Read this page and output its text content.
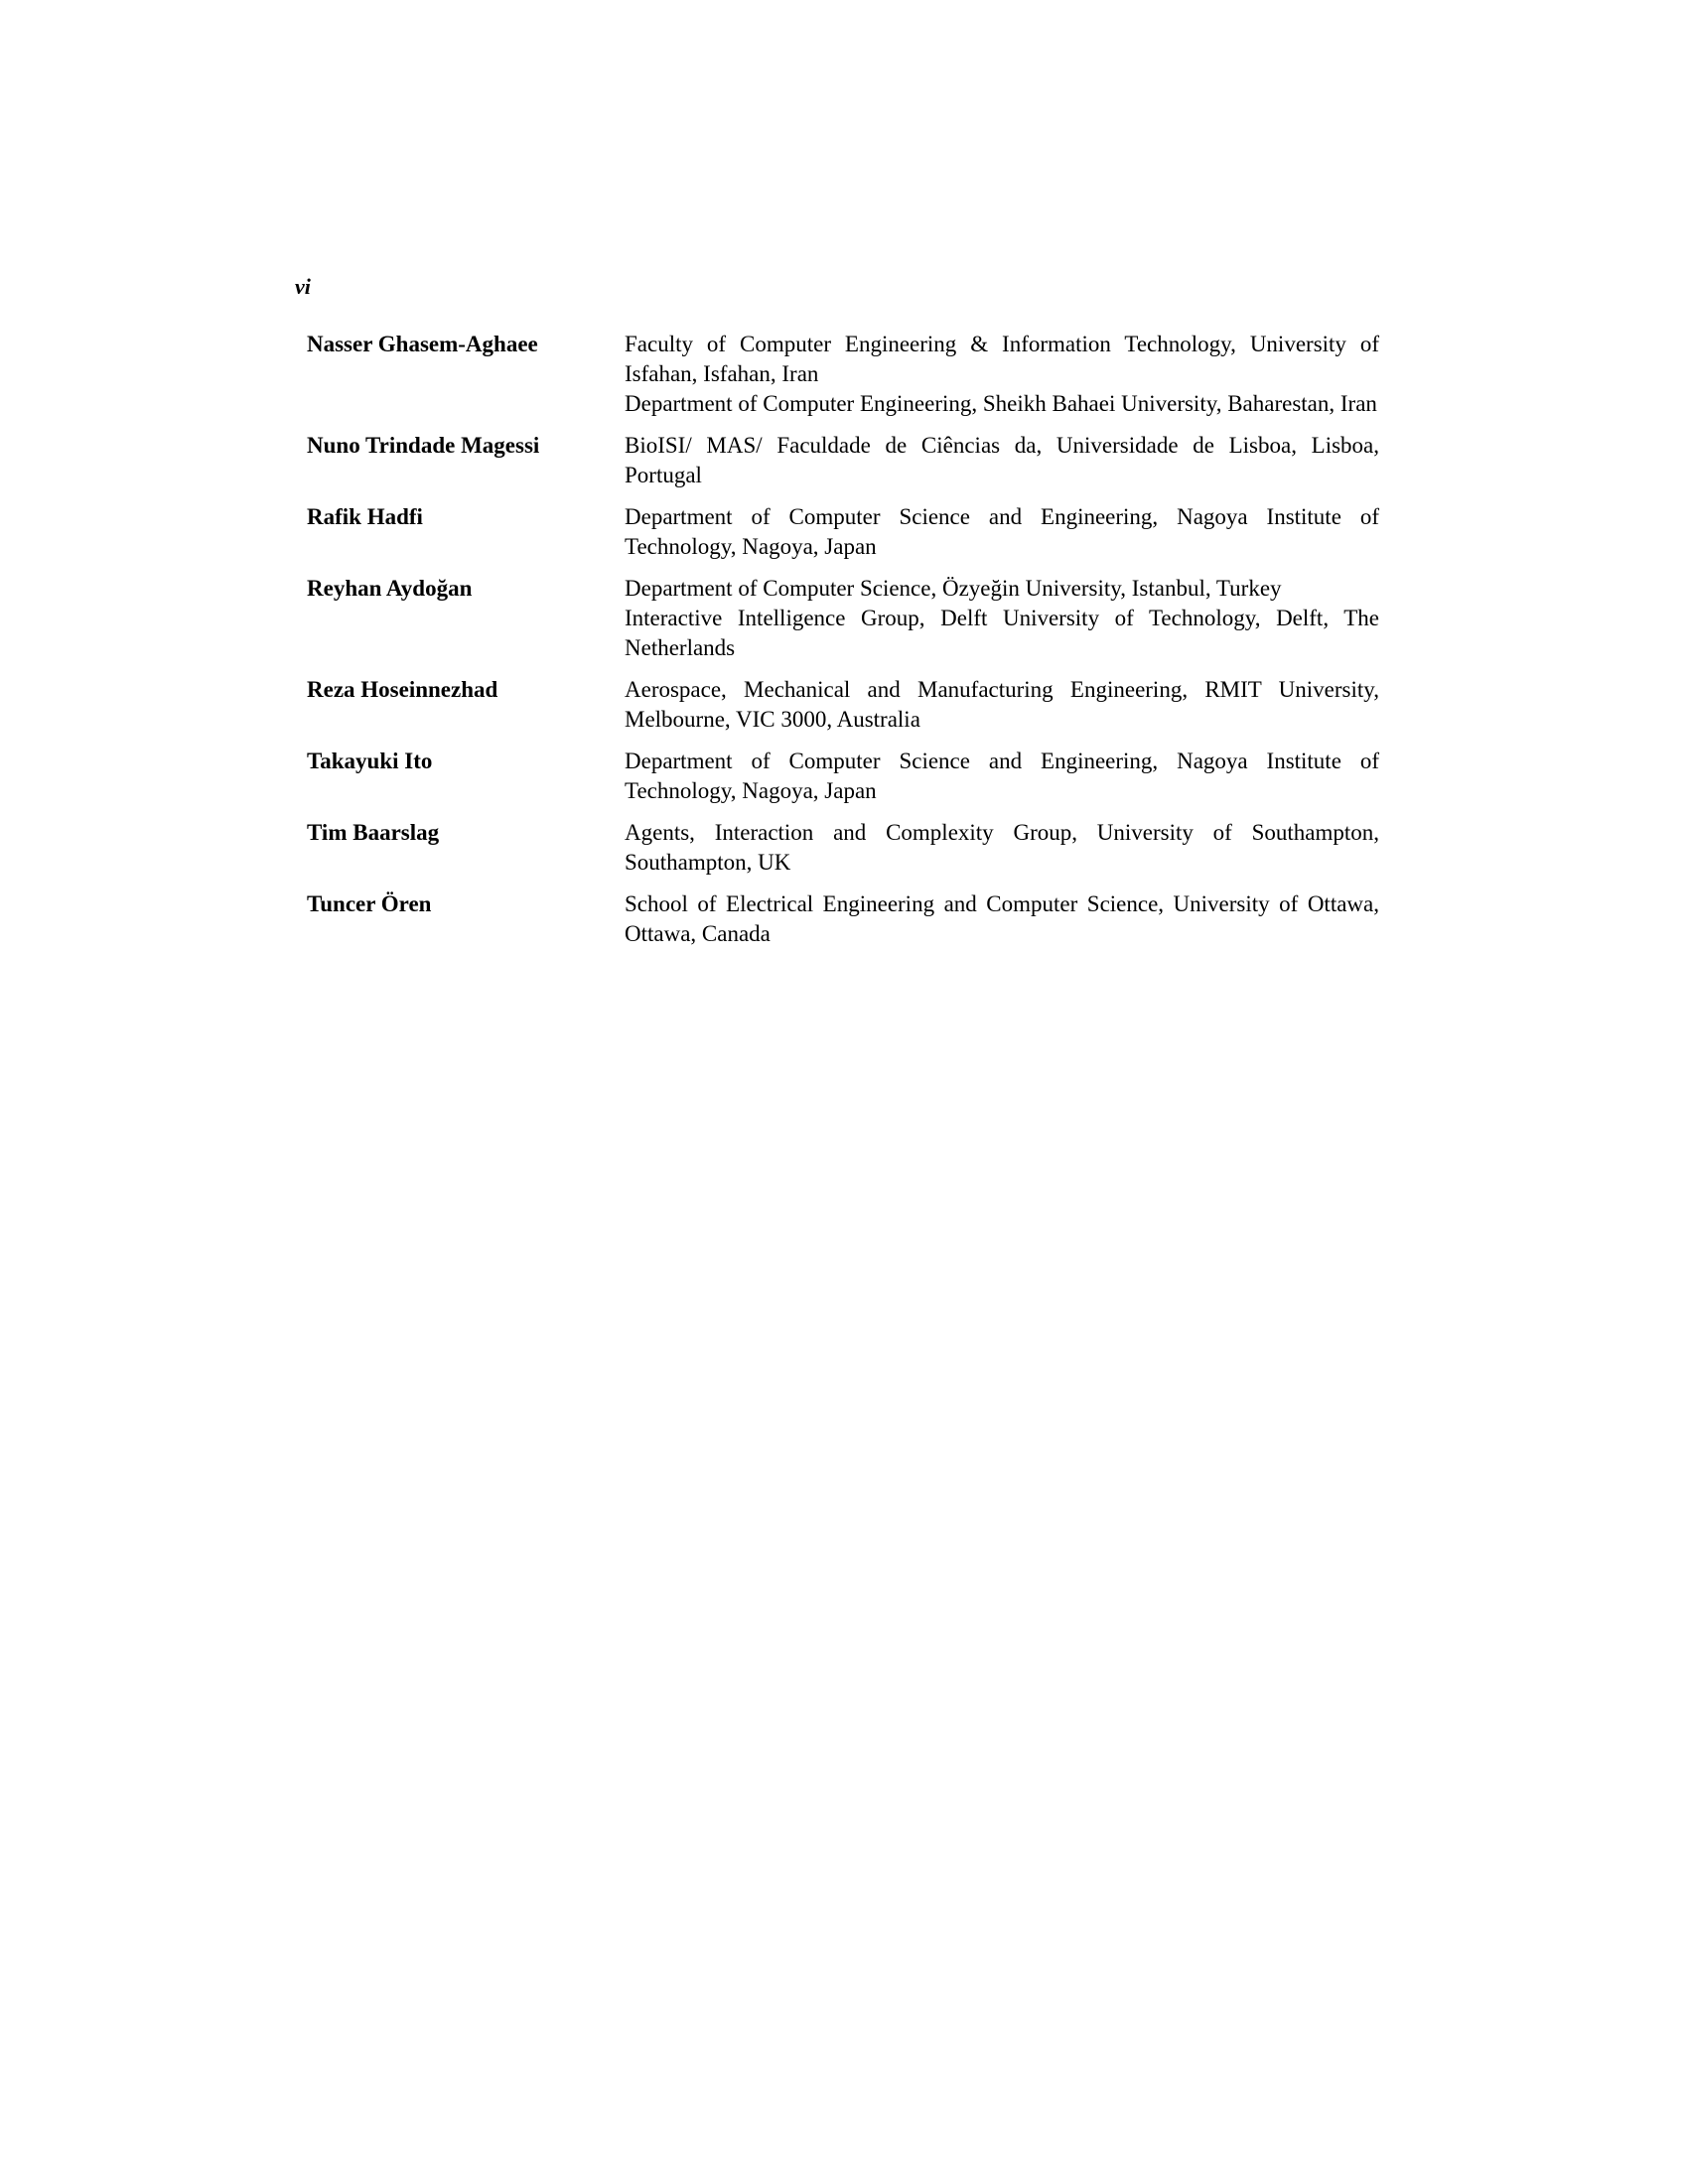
vi
Nasser Ghasem-Aghaee	Faculty of Computer Engineering & Information Technology, University of Isfahan, Isfahan, Iran
Department of Computer Engineering, Sheikh Bahaei University, Baharestan, Iran
Nuno Trindade Magessi	BioISI/ MAS/ Faculdade de Ciências da, Universidade de Lisboa, Lisboa, Portugal
Rafik Hadfi	Department of Computer Science and Engineering, Nagoya Institute of Technology, Nagoya, Japan
Reyhan Aydoğan	Department of Computer Science, Özyeğin University, Istanbul, Turkey
Interactive Intelligence Group, Delft University of Technology, Delft, The Netherlands
Reza Hoseinnezhad	Aerospace, Mechanical and Manufacturing Engineering, RMIT University, Melbourne, VIC 3000, Australia
Takayuki Ito	Department of Computer Science and Engineering, Nagoya Institute of Technology, Nagoya, Japan
Tim Baarslag	Agents, Interaction and Complexity Group, University of Southampton, Southampton, UK
Tuncer Ören	School of Electrical Engineering and Computer Science, University of Ottawa, Ottawa, Canada
